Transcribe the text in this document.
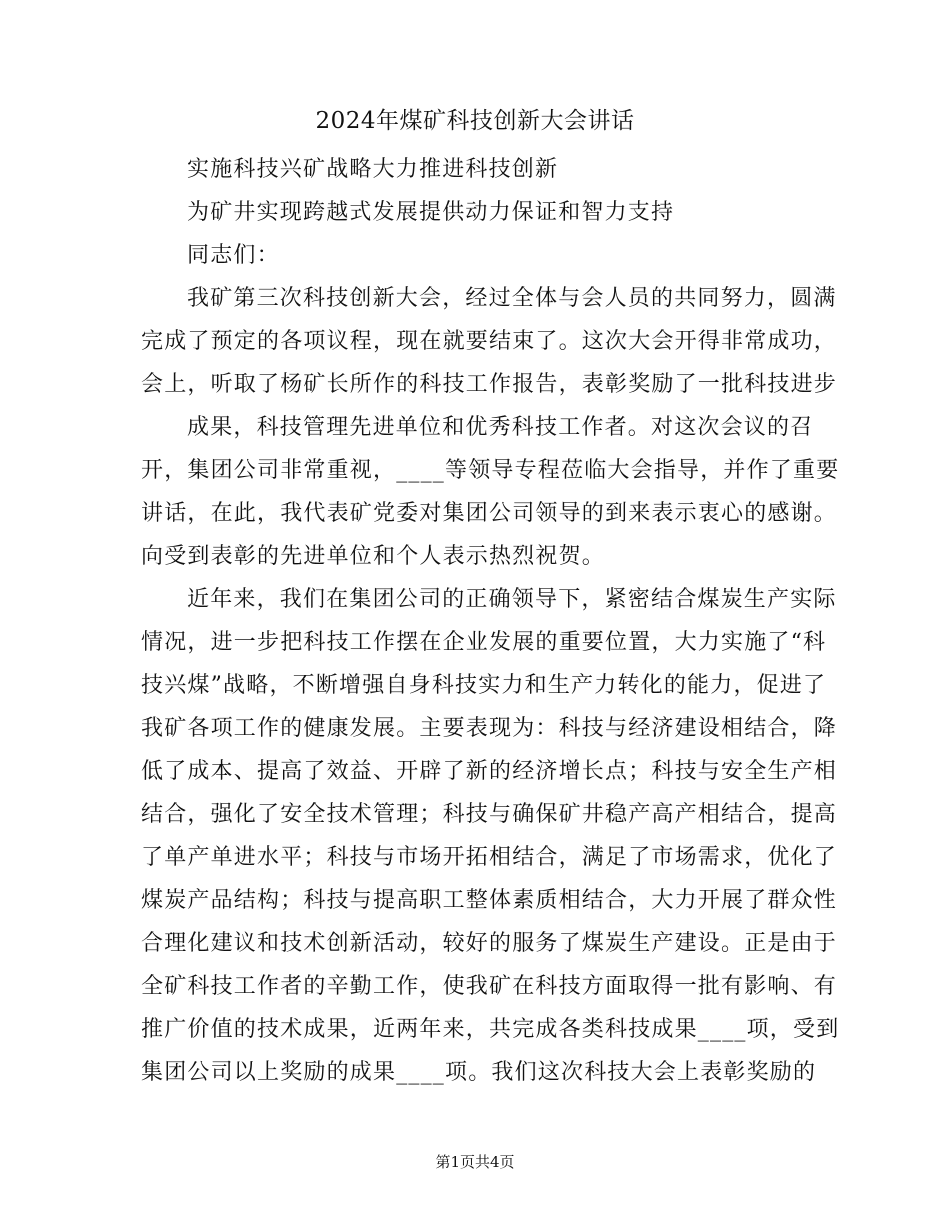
2024年煤矿科技创新大会讲话
实施科技兴矿战略大力推进科技创新
为矿井实现跨越式发展提供动力保证和智力支持
同志们：
我矿第三次科技创新大会，经过全体与会人员的共同努力，圆满
完成了预定的各项议程，现在就要结束了。这次大会开得非常成功，
会上，听取了杨矿长所作的科技工作报告，表彰奖励了一批科技进步
成果，科技管理先进单位和优秀科技工作者。对这次会议的召
开，集团公司非常重视，____等领导专程莅临大会指导，并作了重要
讲话，在此，我代表矿党委对集团公司领导的到来表示衷心的感谢。
向受到表彰的先进单位和个人表示热烈祝贺。
近年来，我们在集团公司的正确领导下，紧密结合煤炭生产实际
情况，进一步把科技工作摆在企业发展的重要位置，大力实施了“科
技兴煤”战略，不断增强自身科技实力和生产力转化的能力，促进了
我矿各项工作的健康发展。主要表现为：科技与经济建设相结合，降
低了成本、提高了效益、开辟了新的经济增长点；科技与安全生产相
结合，强化了安全技术管理；科技与确保矿井稳产高产相结合，提高
了单产单进水平；科技与市场开拓相结合，满足了市场需求，优化了
煤炭产品结构；科技与提高职工整体素质相结合，大力开展了群众性
合理化建议和技术创新活动，较好的服务了煤炭生产建设。正是由于
全矿科技工作者的辛勤工作，使我矿在科技方面取得一批有影响、有
推广价值的技术成果，近两年来，共完成各类科技成果____项，受到
集团公司以上奖励的成果____项。我们这次科技大会上表彰奖励的
第1页共4页
